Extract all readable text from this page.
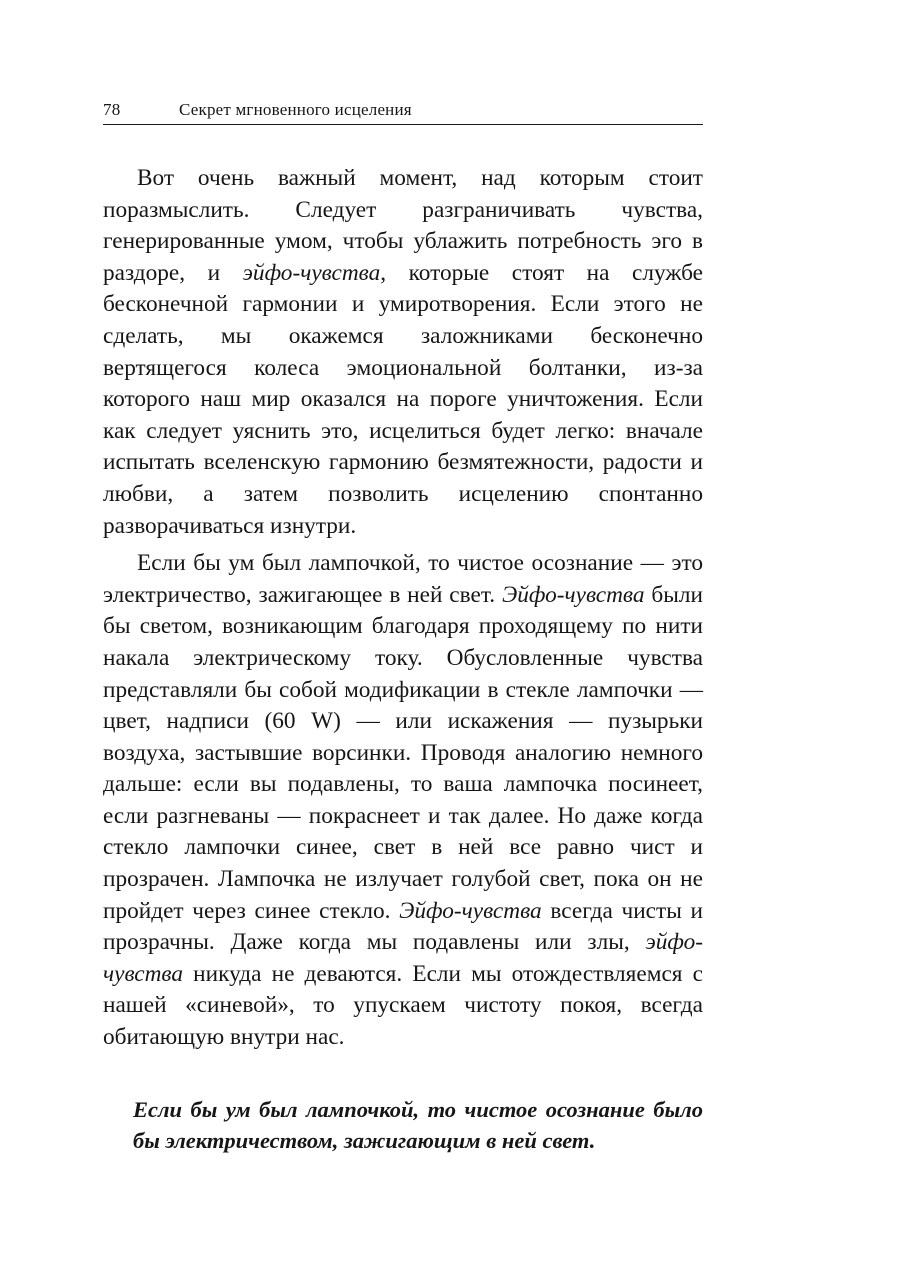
78	Секрет мгновенного исцеления

Вот очень важный момент, над которым стоит поразмыслить. Следует разграничивать чувства, генерированные умом, чтобы ублажить потребность эго в раздоре, и эйфо-чувства, которые стоят на службе бесконечной гармонии и умиротворения. Если этого не сделать, мы окажемся заложниками бесконечно вертящегося колеса эмоциональной болтанки, из-за которого наш мир оказался на пороге уничтожения. Если как следует уяснить это, исцелиться будет легко: вначале испытать вселенскую гармонию безмятежности, радости и любви, а затем позволить исцелению спонтанно разворачиваться изнутри.

Если бы ум был лампочкой, то чистое осознание — это электричество, зажигающее в ней свет. Эйфо-чувства были бы светом, возникающим благодаря проходящему по нити накала электрическому току. Обусловленные чувства представляли бы собой модификации в стекле лампочки — цвет, надписи (60 W) — или искажения — пузырьки воздуха, застывшие ворсинки. Проводя аналогию немного дальше: если вы подавлены, то ваша лампочка посинеет, если разгневаны — покраснеет и так далее. Но даже когда стекло лампочки синее, свет в ней все равно чист и прозрачен. Лампочка не излучает голубой свет, пока он не пройдет через синее стекло. Эйфо-чувства всегда чисты и прозрачны. Даже когда мы подавлены или злы, эйфо-чувства никуда не деваются. Если мы отождествляемся с нашей «синевой», то упускаем чистоту покоя, всегда обитающую внутри нас.

Если бы ум был лампочкой, то чистое осознание было бы электричеством, зажигающим в ней свет.
